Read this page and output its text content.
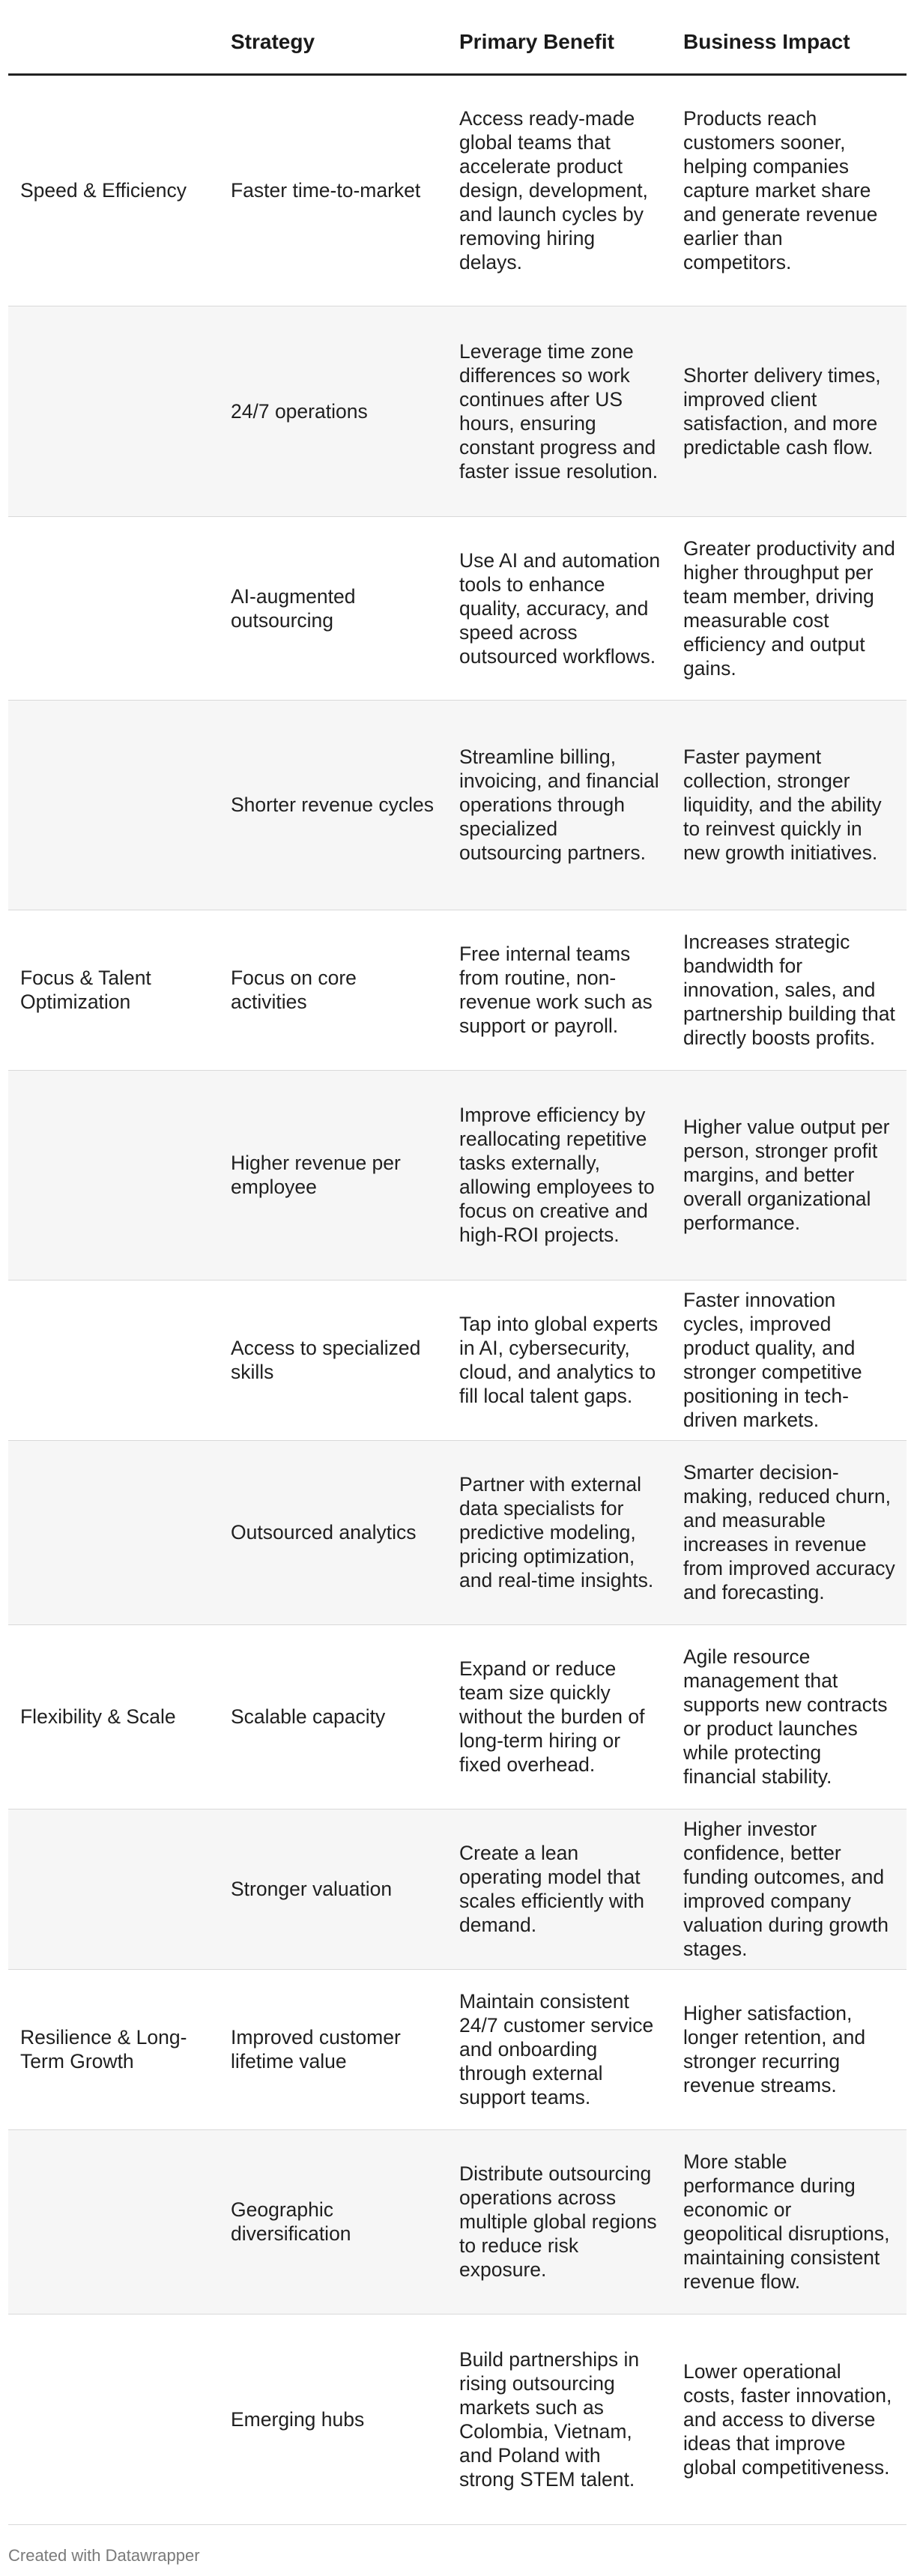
	Strategy	Primary Benefit	Business Impact
Speed & Efficiency	Faster time-to-market	Access ready-made global teams that accelerate product design, development, and launch cycles by removing hiring delays.	Products reach customers sooner, helping companies capture market share and generate revenue earlier than competitors.
	24/7 operations	Leverage time zone differences so work continues after US hours, ensuring constant progress and faster issue resolution.	Shorter delivery times, improved client satisfaction, and more predictable cash flow.
	AI-augmented outsourcing	Use AI and automation tools to enhance quality, accuracy, and speed across outsourced workflows.	Greater productivity and higher throughput per team member, driving measurable cost efficiency and output gains.
	Shorter revenue cycles	Streamline billing, invoicing, and financial operations through specialized outsourcing partners.	Faster payment collection, stronger liquidity, and the ability to reinvest quickly in new growth initiatives.
Focus & Talent Optimization	Focus on core activities	Free internal teams from routine, non-revenue work such as support or payroll.	Increases strategic bandwidth for innovation, sales, and partnership building that directly boosts profits.
	Higher revenue per employee	Improve efficiency by reallocating repetitive tasks externally, allowing employees to focus on creative and high-ROI projects.	Higher value output per person, stronger profit margins, and better overall organizational performance.
	Access to specialized skills	Tap into global experts in AI, cybersecurity, cloud, and analytics to fill local talent gaps.	Faster innovation cycles, improved product quality, and stronger competitive positioning in tech-driven markets.
	Outsourced analytics	Partner with external data specialists for predictive modeling, pricing optimization, and real-time insights.	Smarter decision-making, reduced churn, and measurable increases in revenue from improved accuracy and forecasting.
Flexibility & Scale	Scalable capacity	Expand or reduce team size quickly without the burden of long-term hiring or fixed overhead.	Agile resource management that supports new contracts or product launches while protecting financial stability.
	Stronger valuation	Create a lean operating model that scales efficiently with demand.	Higher investor confidence, better funding outcomes, and improved company valuation during growth stages.
Resilience & Long-Term Growth	Improved customer lifetime value	Maintain consistent 24/7 customer service and onboarding through external support teams.	Higher satisfaction, longer retention, and stronger recurring revenue streams.
	Geographic diversification	Distribute outsourcing operations across multiple global regions to reduce risk exposure.	More stable performance during economic or geopolitical disruptions, maintaining consistent revenue flow.
	Emerging hubs	Build partnerships in rising outsourcing markets such as Colombia, Vietnam, and Poland with strong STEM talent.	Lower operational costs, faster innovation, and access to diverse ideas that improve global competitiveness.
Created with Datawrapper
